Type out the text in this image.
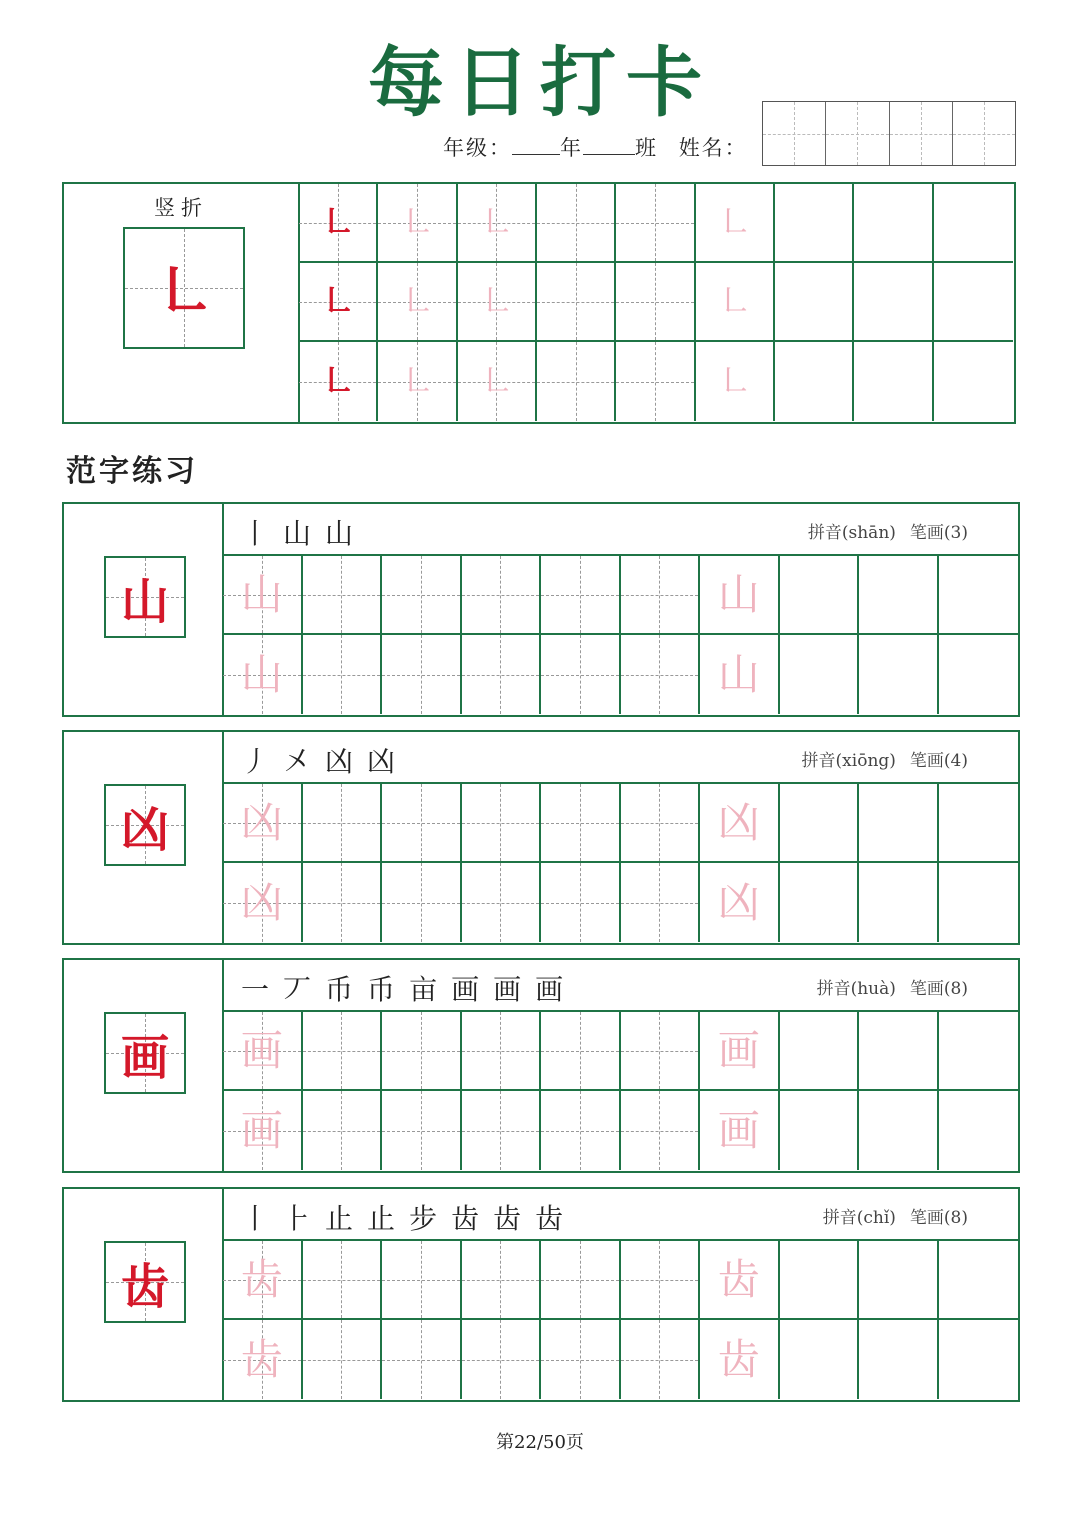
每日打卡
年级： 年 班 姓名：
竖折
㇗
㇗ ㇗ ㇗	㇗
㇗ ㇗ ㇗	㇗
㇗ ㇗ ㇗	㇗
范字练习
山
丨山山	拼音(shān) 笔画(3)
山	山
山	山
凶
丿㐅凶凶	拼音(xiōng) 笔画(4)
凶	凶
凶	凶
画
一丆币币亩画画画	拼音(huà) 笔画(8)
画	画
画	画
齿
丨⺊止止步齿齿齿	拼音(chǐ) 笔画(8)
齿	齿
齿	齿
第22/50页
